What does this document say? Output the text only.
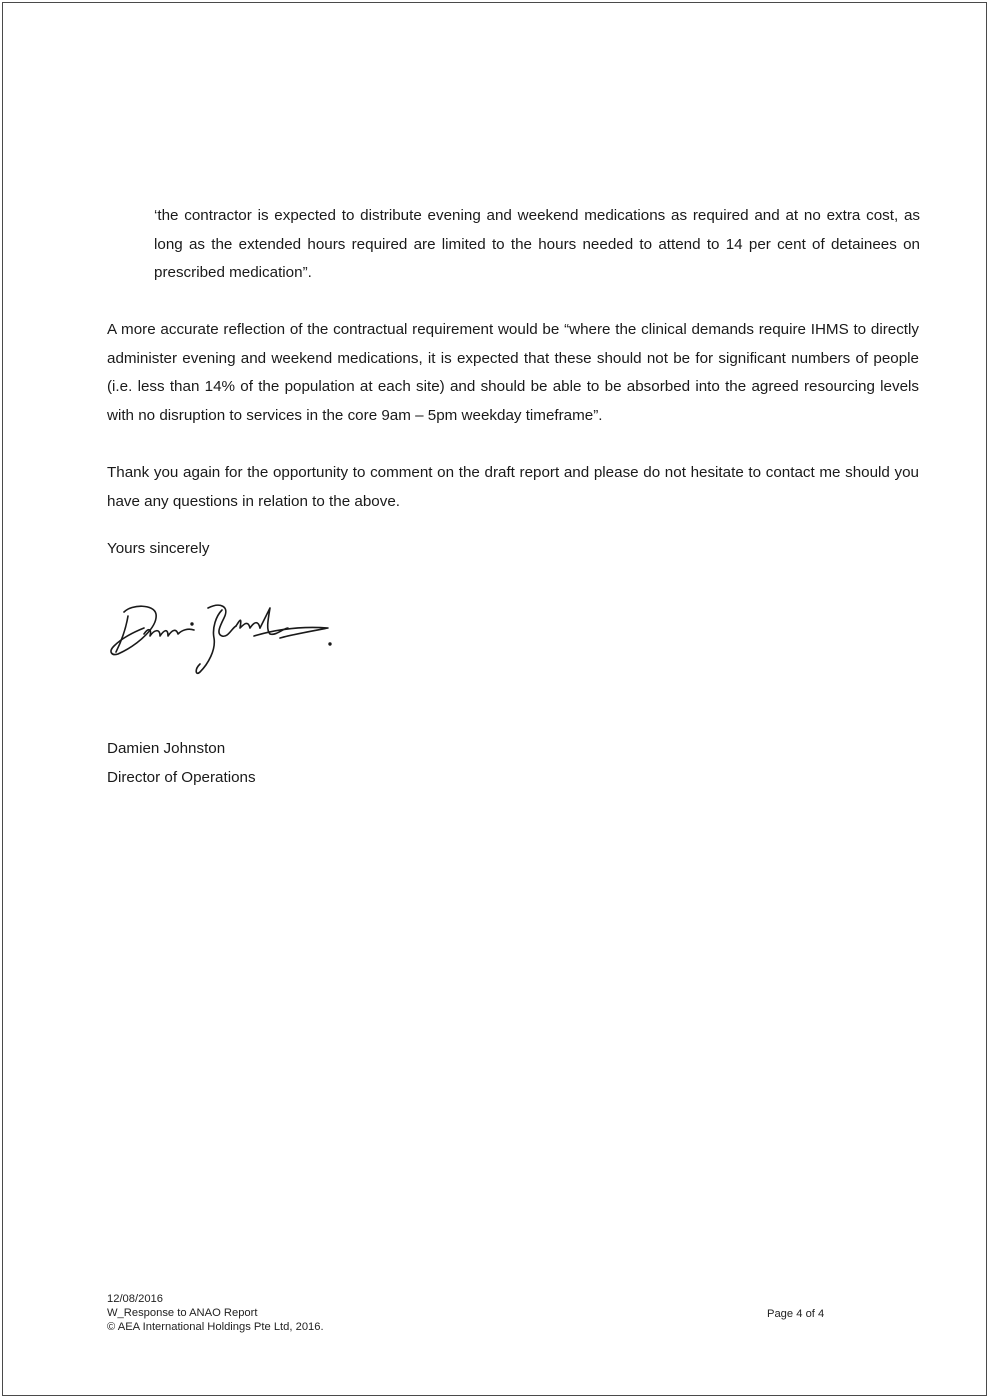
‘the contractor is expected to distribute evening and weekend medications as required and at no extra cost, as long as the extended hours required are limited to the hours needed to attend to 14 per cent of detainees on prescribed medication”.

A more accurate reflection of the contractual requirement would be “where the clinical demands require IHMS to directly administer evening and weekend medications, it is expected that these should not be for significant numbers of people (i.e. less than 14% of the population at each site) and should be able to be absorbed into the agreed resourcing levels with no disruption to services in the core 9am – 5pm weekday timeframe”.

Thank you again for the opportunity to comment on the draft report and please do not hesitate to contact me should you have any questions in relation to the above.

Yours sincerely

Damien Johnston

Director of Operations

12/08/2016
W_Response to ANAO Report
© AEA International Holdings Pte Ltd, 2016.
Page 4 of 4
